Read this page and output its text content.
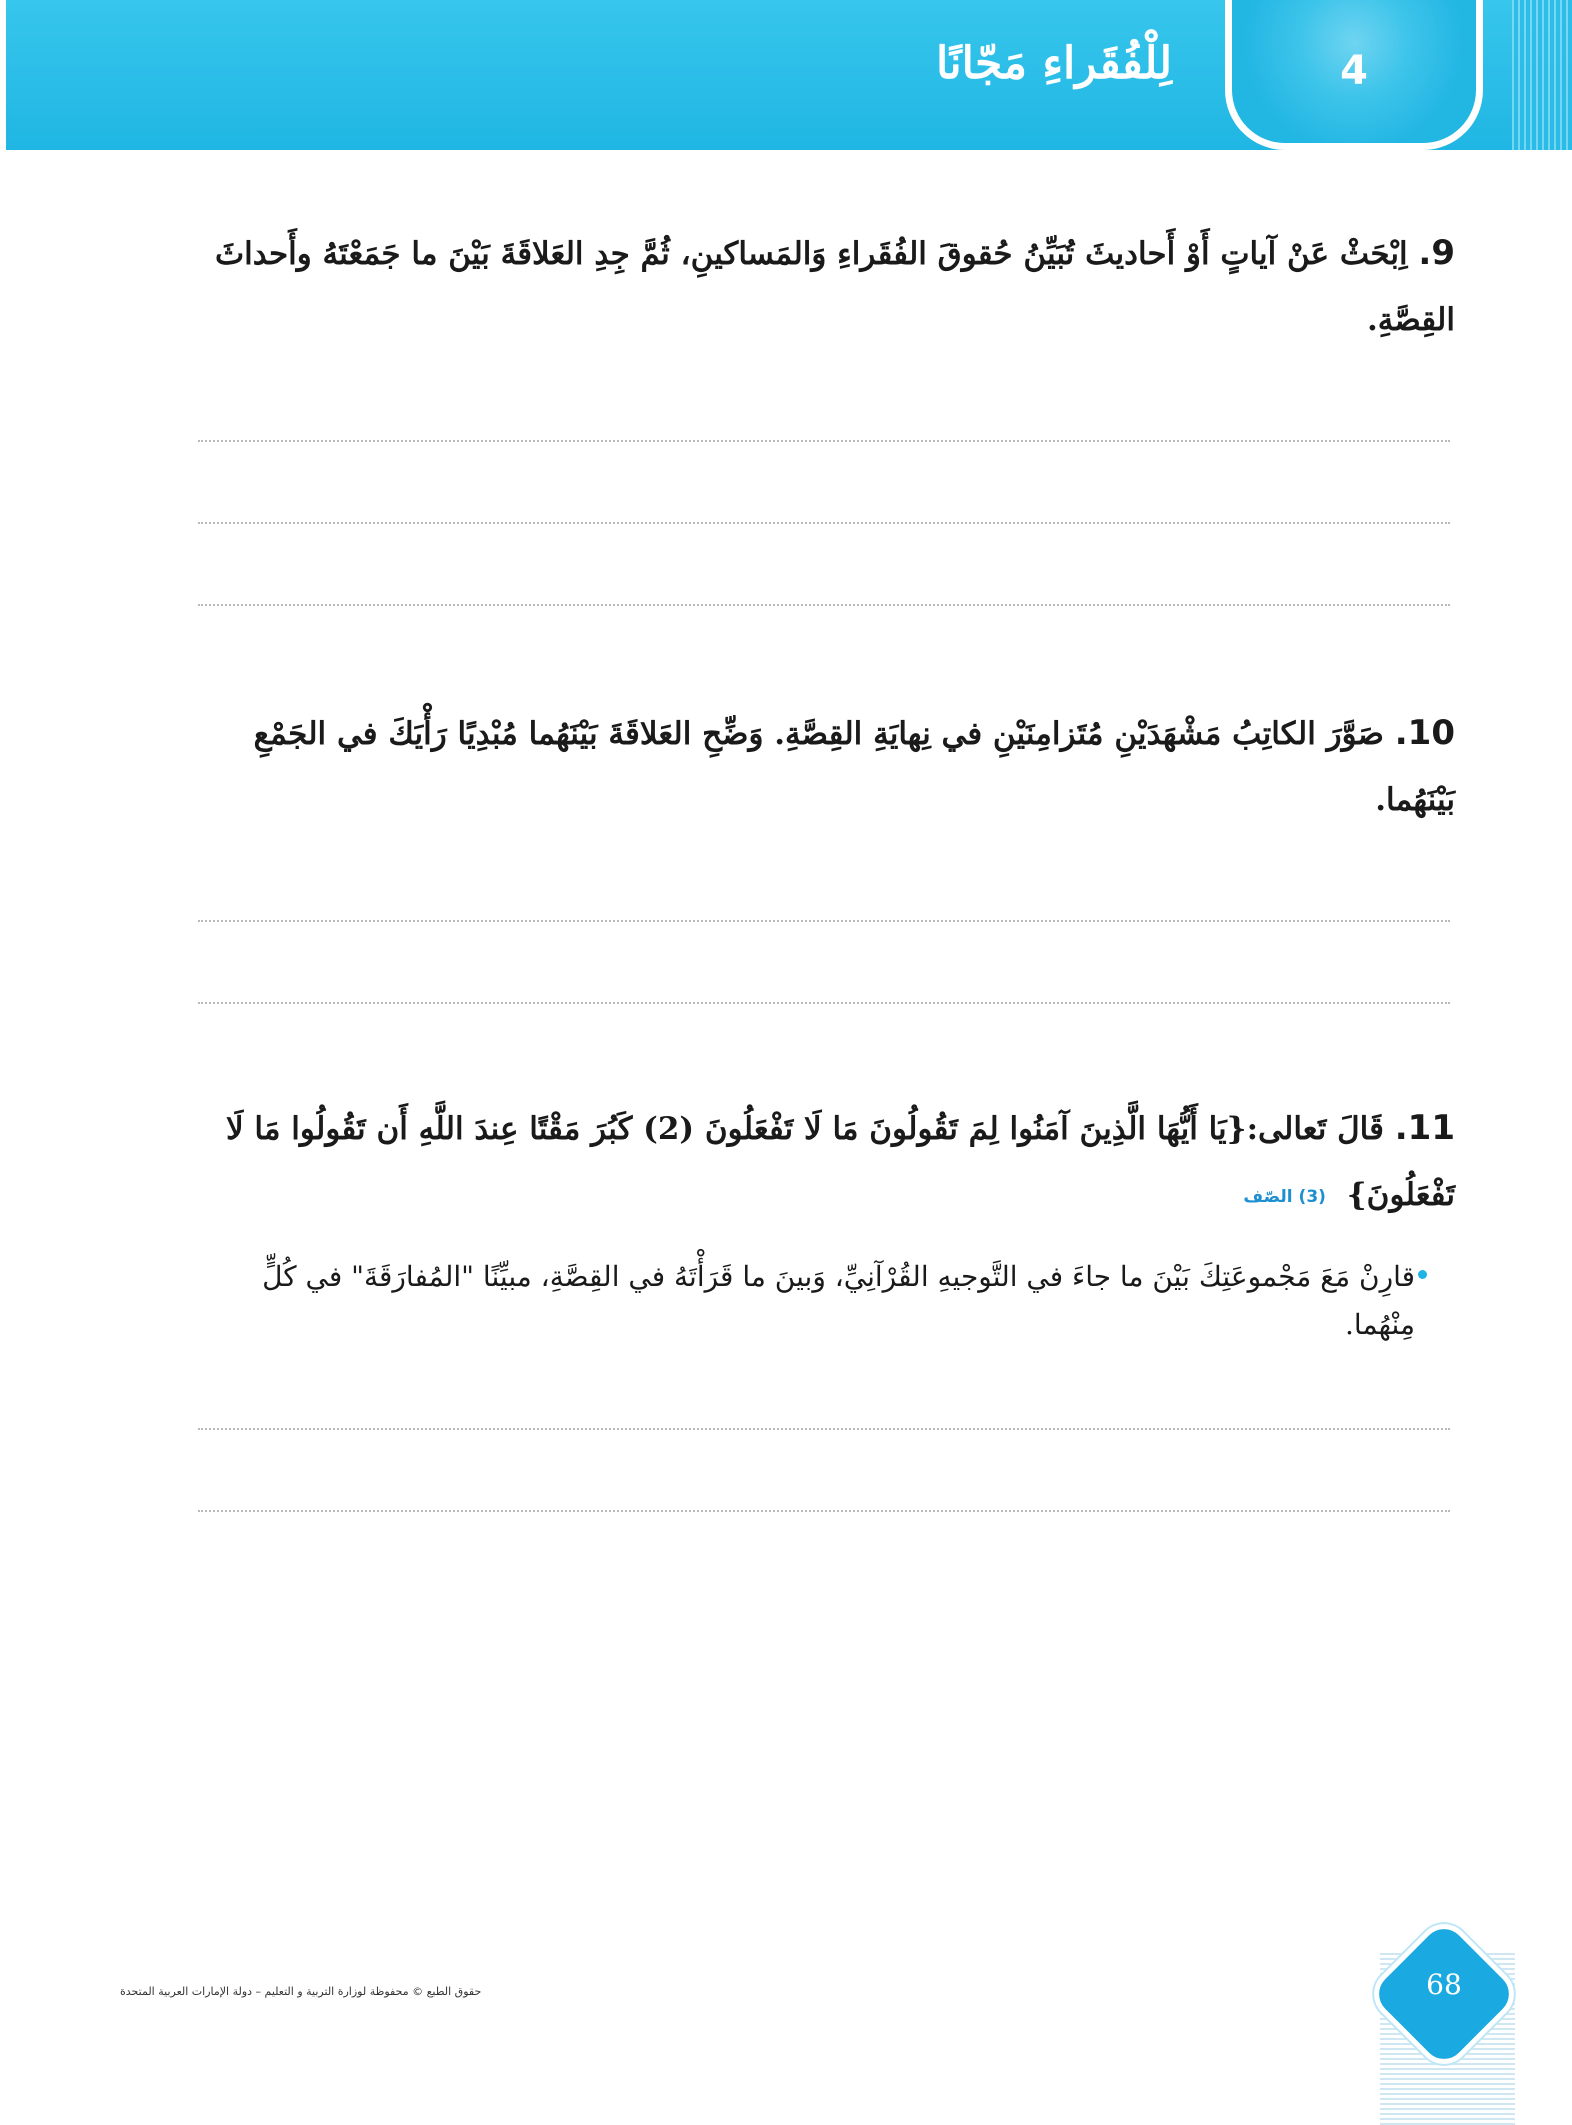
4
لِلْفُقَراءِ مَجّانًا
9. اِبْحَثْ عَنْ آياتٍ أَوْ أَحاديثَ تُبَيِّنُ حُقوقَ الفُقَراءِ وَالمَساكينِ، ثُمَّ جِدِ العَلاقَةَ بَيْنَ ما جَمَعْتَهُ وأَحداثَ القِصَّةِ.
10. صَوَّرَ الكاتِبُ مَشْهَدَيْنِ مُتَزامِنَيْنِ في نِهايَةِ القِصَّةِ. وَضِّحِ العَلاقَةَ بَيْنَهُما مُبْدِيًا رَأْيَكَ في الجَمْعِ بَيْنَهُما.
11. قَالَ تَعالى:{يَا أَيُّهَا الَّذِينَ آمَنُوا لِمَ تَقُولُونَ مَا لَا تَفْعَلُونَ (2) كَبُرَ مَقْتًا عِندَ اللَّهِ أَن تَقُولُوا مَا لَا تَفْعَلُونَ} (3) الصّف
قارِنْ مَعَ مَجْموعَتِكَ بَيْنَ ما جاءَ في التَّوجيهِ القُرْآنِيِّ، وَبينَ ما قَرَأْتَهُ في القِصَّةِ، مبيِّنًا "المُفارَقَةَ" في كُلٍّ مِنْهُما.
حقوق الطبع © محفوظة لوزارة التربية و التعليم – دولة الإمارات العربية المتحدة	68
